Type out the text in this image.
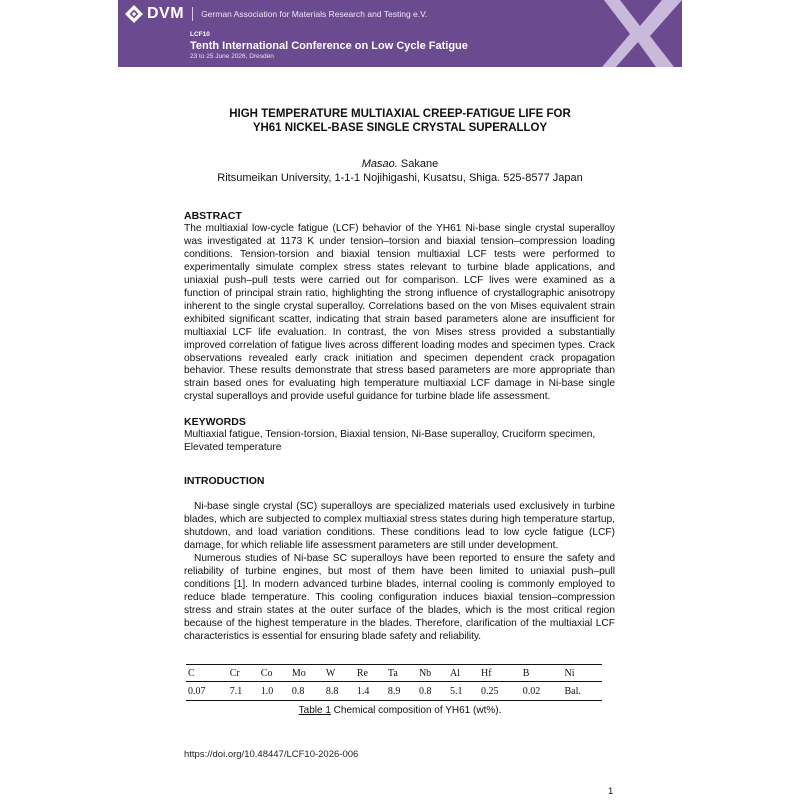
DVM German Association for Materials Research and Testing e.V.
LCF10
Tenth International Conference on Low Cycle Fatigue
23 to 25 June 2026, Dresden
HIGH TEMPERATURE MULTIAXIAL CREEP-FATIGUE LIFE FOR
YH61 NICKEL-BASE SINGLE CRYSTAL SUPERALLOY
Masao. Sakane
Ritsumeikan University, 1-1-1 Nojihigashi, Kusatsu, Shiga. 525-8577 Japan
ABSTRACT
The multiaxial low-cycle fatigue (LCF) behavior of the YH61 Ni-base single crystal superalloy was investigated at 1173 K under tension–torsion and biaxial tension–compression loading conditions. Tension-torsion and biaxial tension multiaxial LCF tests were performed to experimentally simulate complex stress states relevant to turbine blade applications, and uniaxial push–pull tests were carried out for comparison. LCF lives were examined as a function of principal strain ratio, highlighting the strong influence of crystallographic anisotropy inherent to the single crystal superalloy. Correlations based on the von Mises equivalent strain exhibited significant scatter, indicating that strain based parameters alone are insufficient for multiaxial LCF life evaluation. In contrast, the von Mises stress provided a substantially improved correlation of fatigue lives across different loading modes and specimen types. Crack observations revealed early crack initiation and specimen dependent crack propagation behavior. These results demonstrate that stress based parameters are more appropriate than strain based ones for evaluating high temperature multiaxial LCF damage in Ni-base single crystal superalloys and provide useful guidance for turbine blade life assessment.
KEYWORDS
Multiaxial fatigue, Tension-torsion, Biaxial tension, Ni-Base superalloy, Cruciform specimen, Elevated temperature
INTRODUCTION
Ni-base single crystal (SC) superalloys are specialized materials used exclusively in turbine blades, which are subjected to complex multiaxial stress states during high temperature startup, shutdown, and load variation conditions. These conditions lead to low cycle fatigue (LCF) damage, for which reliable life assessment parameters are still under development.
Numerous studies of Ni-base SC superalloys have been reported to ensure the safety and reliability of turbine engines, but most of them have been limited to uniaxial push–pull conditions [1]. In modern advanced turbine blades, internal cooling is commonly employed to reduce blade temperature. This cooling configuration induces biaxial tension–compression stress and strain states at the outer surface of the blades, which is the most critical region because of the highest temperature in the blades. Therefore, clarification of the multiaxial LCF characteristics is essential for ensuring blade safety and reliability.
C	Cr	Co	Mo	W	Re	Ta	Nb	Al	Hf	B	Ni
0.07	7.1	1.0	0.8	8.8	1.4	8.9	0.8	5.1	0.25	0.02	Bal.
Table 1 Chemical composition of YH61 (wt%).
https://doi.org/10.48447/LCF10-2026-006
1
